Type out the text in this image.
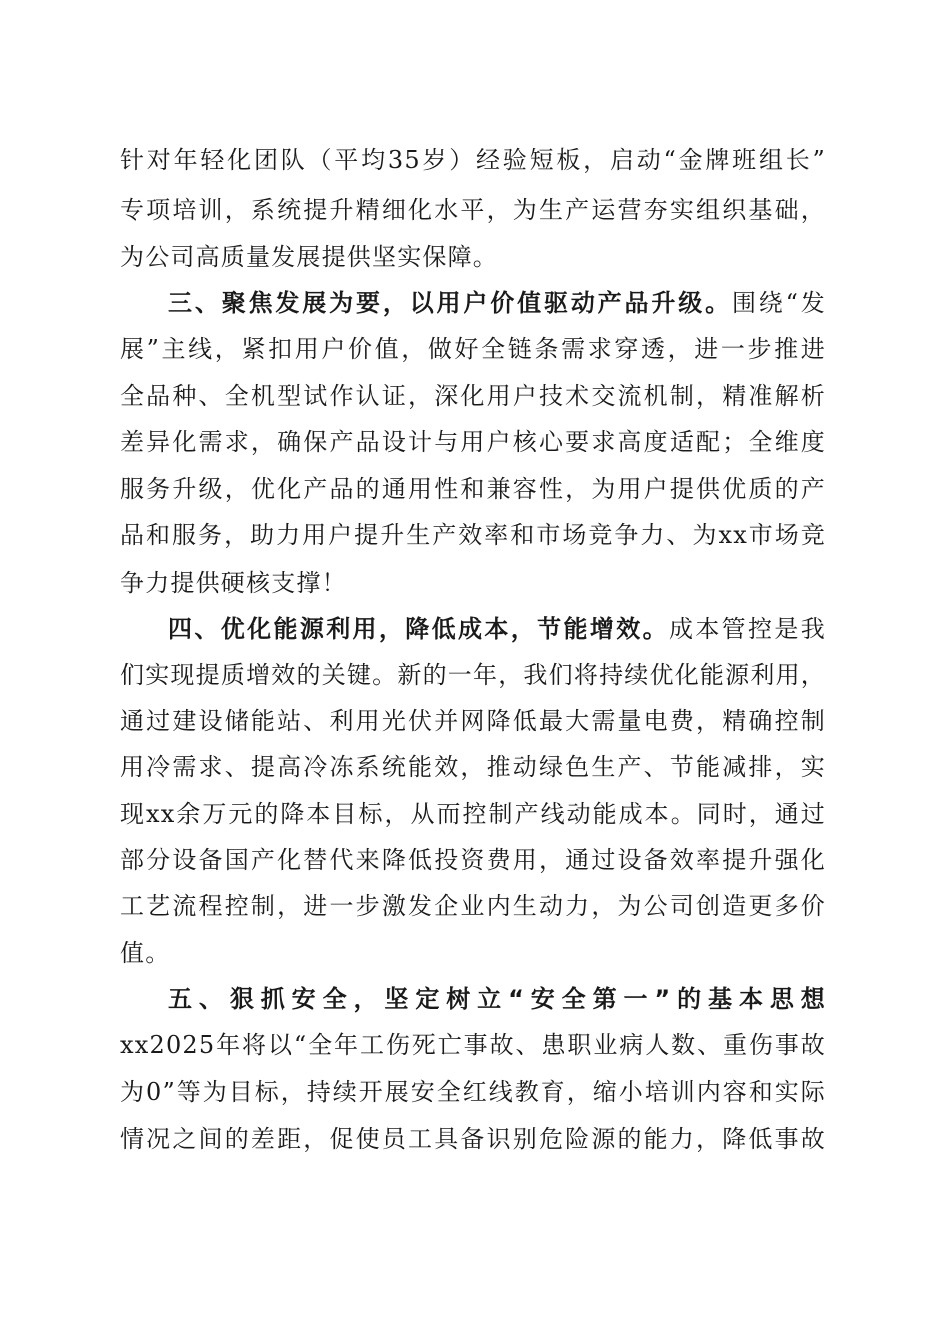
针对年轻化团队（平均35岁）经验短板，启动“金牌班组长”
专项培训，系统提升精细化水平，为生产运营夯实组织基础，
为公司高质量发展提供坚实保障。
三、聚焦发展为要，以用户价值驱动产品升级。围绕“发
展”主线，紧扣用户价值，做好全链条需求穿透，进一步推进
全品种、全机型试作认证，深化用户技术交流机制，精准解析
差异化需求，确保产品设计与用户核心要求高度适配；全维度
服务升级，优化产品的通用性和兼容性，为用户提供优质的产
品和服务，助力用户提升生产效率和市场竞争力、为xx市场竞
争力提供硬核支撑！
四、优化能源利用，降低成本，节能增效。成本管控是我
们实现提质增效的关键。新的一年，我们将持续优化能源利用，
通过建设储能站、利用光伏并网降低最大需量电费，精确控制
用冷需求、提高冷冻系统能效，推动绿色生产、节能减排，实
现xx余万元的降本目标，从而控制产线动能成本。同时，通过
部分设备国产化替代来降低投资费用，通过设备效率提升强化
工艺流程控制，进一步激发企业内生动力，为公司创造更多价
值。
五、狠抓安全，坚定树立“安全第一”的基本思想
xx2025年将以“全年工伤死亡事故、患职业病人数、重伤事故
为0”等为目标，持续开展安全红线教育，缩小培训内容和实际
情况之间的差距，促使员工具备识别危险源的能力，降低事故
